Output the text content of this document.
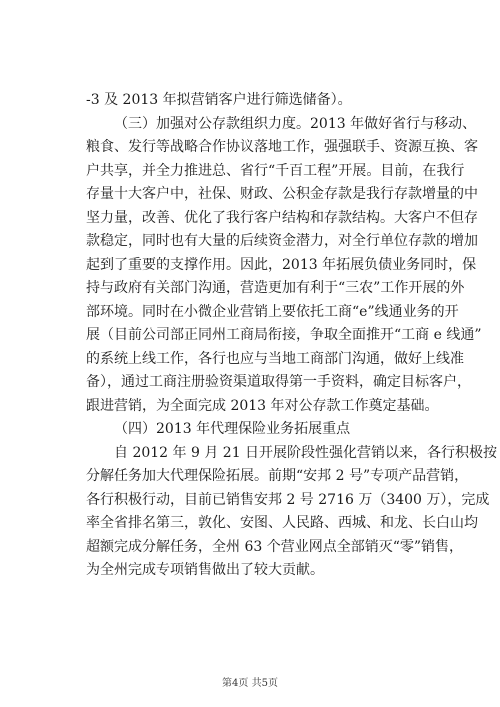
-3 及 2013 年拟营销客户进行筛选储备）。
（三）加强对公存款组织力度。2013 年做好省行与移动、
粮食、发行等战略合作协议落地工作，强强联手、资源互换、客
户共享，并全力推进总、省行“千百工程”开展。目前，在我行
存量十大客户中，社保、财政、公积金存款是我行存款增量的中
坚力量，改善、优化了我行客户结构和存款结构。大客户不但存
款稳定，同时也有大量的后续资金潜力，对全行单位存款的增加
起到了重要的支撑作用。因此，2013 年拓展负债业务同时，保
持与政府有关部门沟通，营造更加有利于“三农”工作开展的外
部环境。同时在小微企业营销上要依托工商“e”线通业务的开
展（目前公司部正同州工商局衔接，争取全面推开“工商 e 线通”
的系统上线工作，各行也应与当地工商部门沟通，做好上线准
备），通过工商注册验资渠道取得第一手资料，确定目标客户，
跟进营销，为全面完成 2013 年对公存款工作奠定基础。
（四）2013 年代理保险业务拓展重点
自 2012 年 9 月 21 日开展阶段性强化营销以来，各行积极按
分解任务加大代理保险拓展。前期“安邦 2 号”专项产品营销，
各行积极行动，目前已销售安邦 2 号 2716 万（3400 万），完成
率全省排名第三，敦化、安图、人民路、西城、和龙、长白山均
超额完成分解任务，全州 63 个营业网点全部销灭“零”销售，
为全州完成专项销售做出了较大贡献。
第4页 共5页
